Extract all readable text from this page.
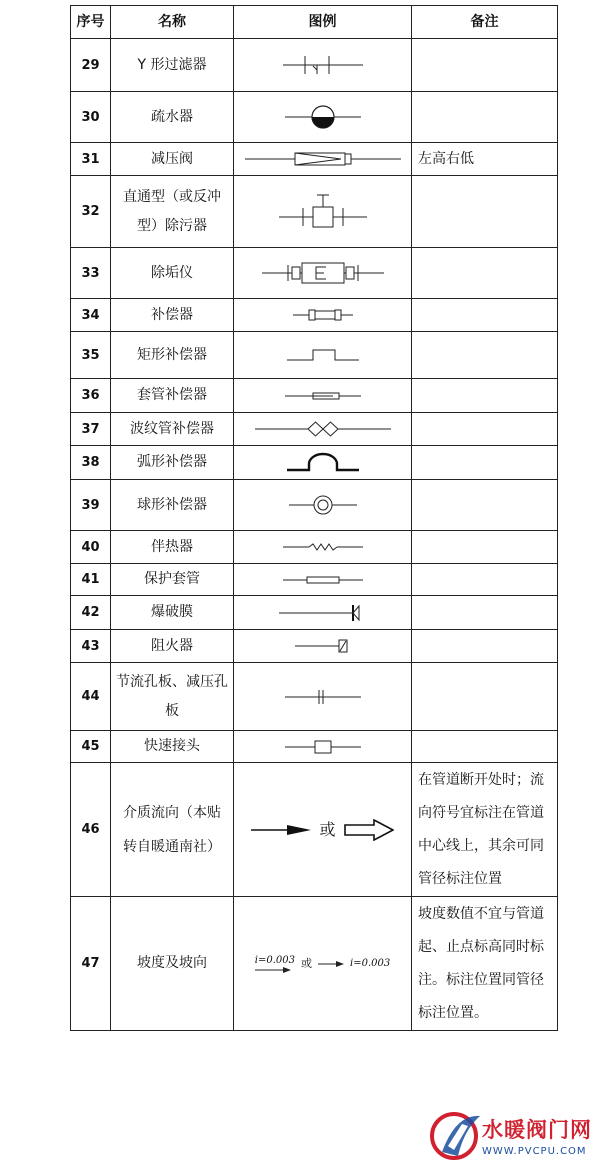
序号	名称	图例	备注
29	Y 形过滤器	

30	疏水器	

31	减压阀		左高右低
32	直通型（或反冲型）除污器	

33	除垢仪	

34	补偿器	

35	矩形补偿器	

36	套管补偿器	

37	波纹管补偿器	

38	弧形补偿器	

39	球形补偿器	

40	伴热器	

41	保护套管	

42	爆破膜	

43	阻火器	

44	节流孔板、减压孔板	

45	快速接头	

46	介质流向（本贴转自暖通南社）	或	在管道断开处时；流向符号宜标注在管道中心线上，其余可同管径标注位置
47	坡度及坡向	i=0.003 或 i=0.003	坡度数值不宜与管道起、止点标高同时标注。标注位置同管径标注位置。
水暖阀门网
WWW.PVCPU.COM
